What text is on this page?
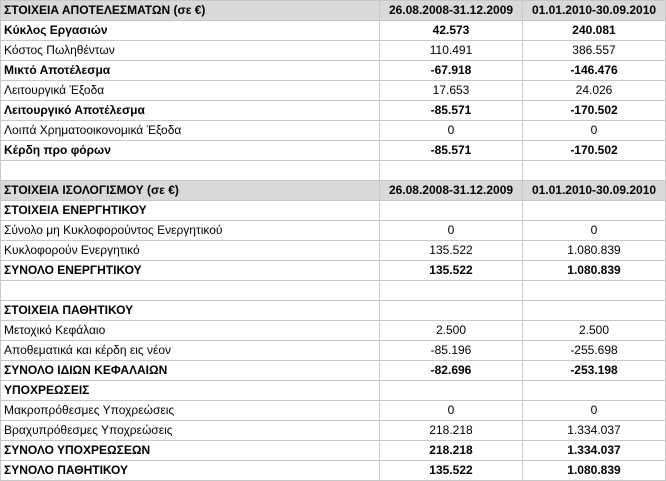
ΣΤΟΙΧΕΙΑ ΑΠΟΤΕΛΕΣΜΑΤΩΝ (σε €)	26.08.2008-31.12.2009	01.01.2010-30.09.2010
Κύκλος Εργασιών	42.573	240.081
Κόστος Πωληθέντων	110.491	386.557
Μικτό Αποτέλεσμα	-67.918	-146.476
Λειτουργικά Έξοδα	17.653	24.026
Λειτουργικό Αποτέλεσμα	-85.571	-170.502
Λοιπά Χρηματοοικονομικά Έξοδα	0	0
Κέρδη προ φόρων	-85.571	-170.502

ΣΤΟΙΧΕΙΑ ΙΣΟΛΟΓΙΣΜΟΥ (σε €)	26.08.2008-31.12.2009	01.01.2010-30.09.2010
ΣΤΟΙΧΕΙΑ ΕΝΕΡΓΗΤΙΚΟΥ		
Σύνολο μη Κυκλοφορούντος Ενεργητικού	0	0
Κυκλοφορούν Ενεργητικό	135.522	1.080.839
ΣΥΝΟΛΟ ΕΝΕΡΓΗΤΙΚΟΥ	135.522	1.080.839

ΣΤΟΙΧΕΙΑ ΠΑΘΗΤΙΚΟΥ		
Μετοχικό Κεφάλαιο	2.500	2.500
Αποθεματικά και κέρδη εις νέον	-85.196	-255.698
ΣΥΝΟΛΟ ΙΔΙΩΝ ΚΕΦΑΛΑΙΩΝ	-82.696	-253.198
ΥΠΟΧΡΕΩΣΕΙΣ		
Μακροπρόθεσμες Υποχρεώσεις	0	0
Βραχυπρόθεσμες Υποχρεώσεις	218.218	1.334.037
ΣΥΝΟΛΟ ΥΠΟΧΡΕΩΣΕΩΝ	218.218	1.334.037
ΣΥΝΟΛΟ ΠΑΘΗΤΙΚΟΥ	135.522	1.080.839
